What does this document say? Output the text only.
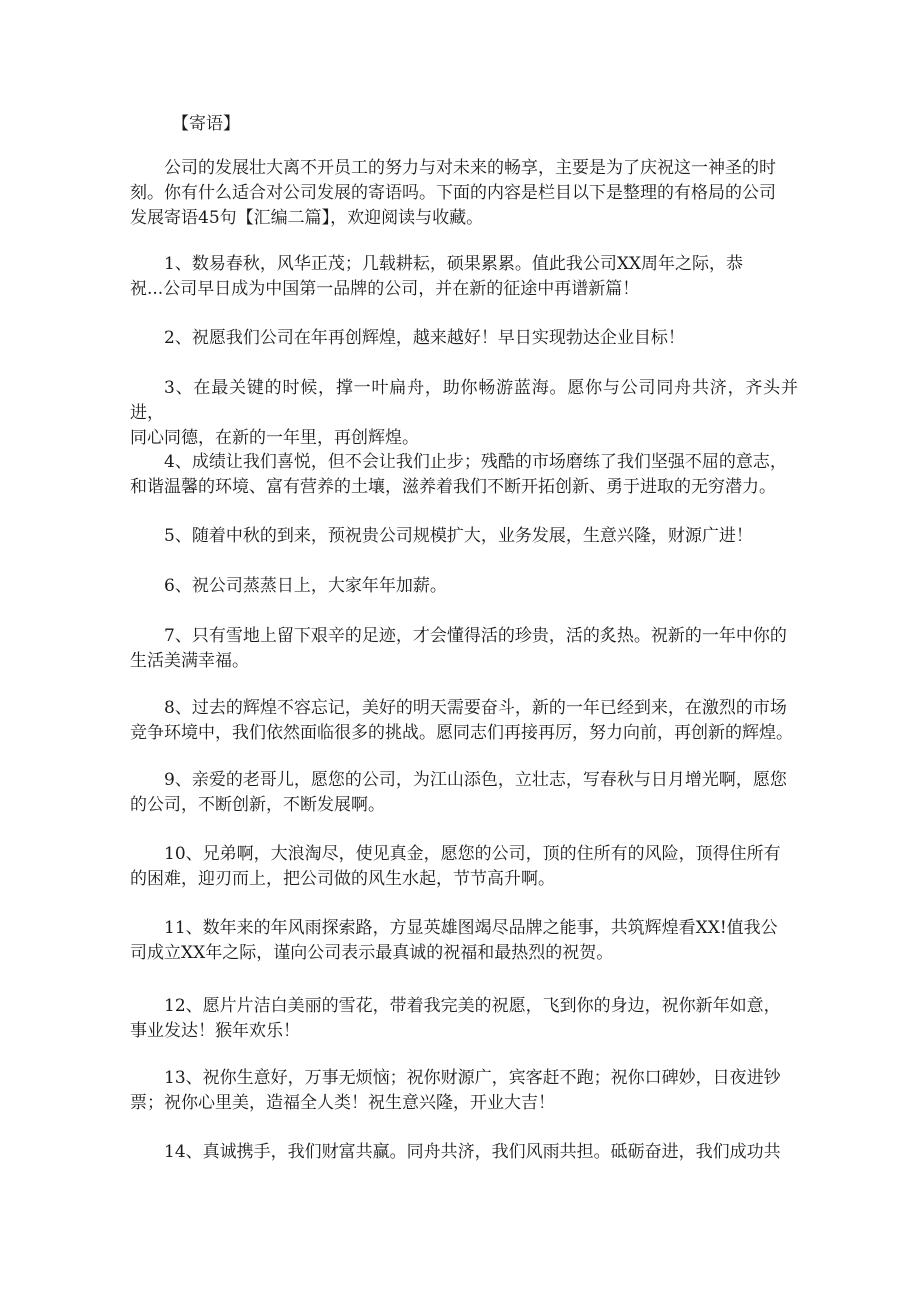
【寄语】

公司的发展壮大离不开员工的努力与对未来的畅享，主要是为了庆祝这一神圣的时
刻。你有什么适合对公司发展的寄语吗。下面的内容是栏目以下是整理的有格局的公司
发展寄语45句【汇编二篇】，欢迎阅读与收藏。

1、数易春秋，风华正茂；几载耕耘，硕果累累。值此我公司XX周年之际，恭
祝...公司早日成为中国第一品牌的公司，并在新的征途中再谱新篇！

2、祝愿我们公司在年再创辉煌，越来越好！早日实现勃达企业目标！

3、在最关键的时候，撑一叶扁舟，助你畅游蓝海。愿你与公司同舟共济，齐头并进，
同心同德，在新的一年里，再创辉煌。

4、成绩让我们喜悦，但不会让我们止步；残酷的市场磨练了我们坚强不屈的意志，
和谐温馨的环境、富有营养的土壤，滋养着我们不断开拓创新、勇于进取的无穷潜力。

5、随着中秋的到来，预祝贵公司规模扩大，业务发展，生意兴隆，财源广进！

6、祝公司蒸蒸日上，大家年年加薪。

7、只有雪地上留下艰辛的足迹，才会懂得活的珍贵，活的炙热。祝新的一年中你的
生活美满幸福。

8、过去的辉煌不容忘记，美好的明天需要奋斗，新的一年已经到来，在激烈的市场
竞争环境中，我们依然面临很多的挑战。愿同志们再接再厉，努力向前，再创新的辉煌。

9、亲爱的老哥儿，愿您的公司，为江山添色，立壮志，写春秋与日月增光啊，愿您
的公司，不断创新，不断发展啊。

10、兄弟啊，大浪淘尽，使见真金，愿您的公司，顶的住所有的风险，顶得住所有
的困难，迎刃而上，把公司做的风生水起，节节高升啊。

11、数年来的年风雨探索路，方显英雄图竭尽品牌之能事，共筑辉煌看XX!值我公
司成立XX年之际，谨向公司表示最真诚的祝福和最热烈的祝贺。

12、愿片片洁白美丽的雪花，带着我完美的祝愿，飞到你的身边，祝你新年如意，
事业发达！猴年欢乐！

13、祝你生意好，万事无烦恼；祝你财源广，宾客赶不跑；祝你口碑妙，日夜进钞
票；祝你心里美，造福全人类！祝生意兴隆，开业大吉！

14、真诚携手，我们财富共赢。同舟共济，我们风雨共担。砥砺奋进，我们成功共
